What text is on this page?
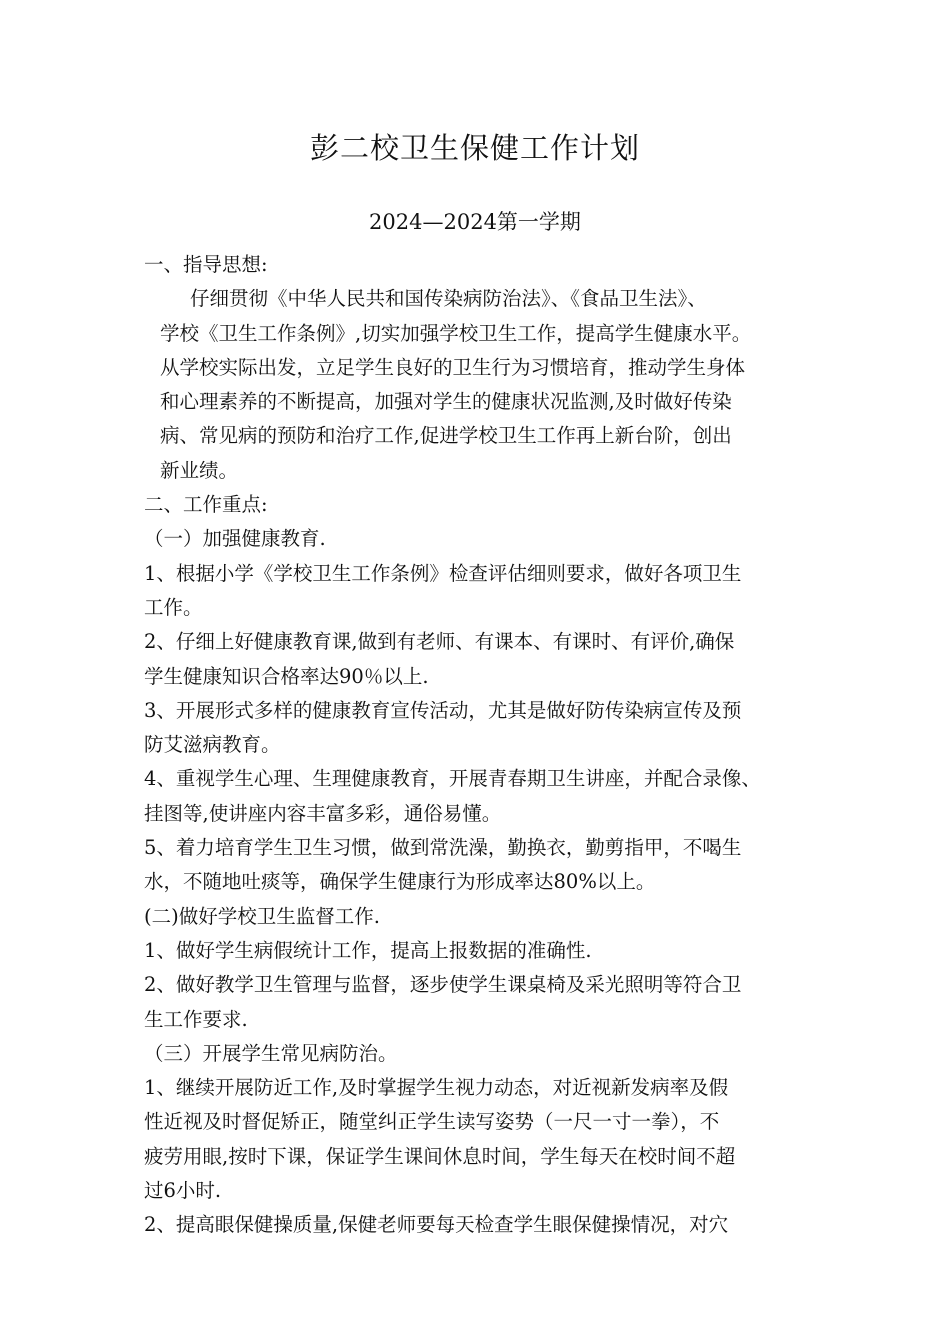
彭二校卫生保健工作计划
2024—2024第一学期
一、指导思想:
仔细贯彻《中华人民共和国传染病防治法》、《食品卫生法》、
学校《卫生工作条例》,切实加强学校卫生工作，提高学生健康水平。
从学校实际出发，立足学生良好的卫生行为习惯培育，推动学生身体
和心理素养的不断提高，加强对学生的健康状况监测,及时做好传染
病、常见病的预防和治疗工作,促进学校卫生工作再上新台阶，创出
新业绩。
二、工作重点:
（一）加强健康教育.
1、根据小学《学校卫生工作条例》检查评估细则要求，做好各项卫生
工作。
2、仔细上好健康教育课,做到有老师、有课本、有课时、有评价,确保
学生健康知识合格率达90％以上.
3、开展形式多样的健康教育宣传活动，尤其是做好防传染病宣传及预
防艾滋病教育。
4、重视学生心理、生理健康教育，开展青春期卫生讲座，并配合录像、
挂图等,使讲座内容丰富多彩，通俗易懂。
5、着力培育学生卫生习惯，做到常洗澡，勤换衣，勤剪指甲，不喝生
水，不随地吐痰等，确保学生健康行为形成率达80%以上。
(二)做好学校卫生监督工作.
1、做好学生病假统计工作，提高上报数据的准确性.
2、做好教学卫生管理与监督，逐步使学生课桌椅及采光照明等符合卫
生工作要求.
（三）开展学生常见病防治。
1、继续开展防近工作,及时掌握学生视力动态，对近视新发病率及假
性近视及时督促矫正，随堂纠正学生读写姿势（一尺一寸一拳），不
疲劳用眼,按时下课，保证学生课间休息时间，学生每天在校时间不超
过6小时.
2、提高眼保健操质量,保健老师要每天检查学生眼保健操情况，对穴
